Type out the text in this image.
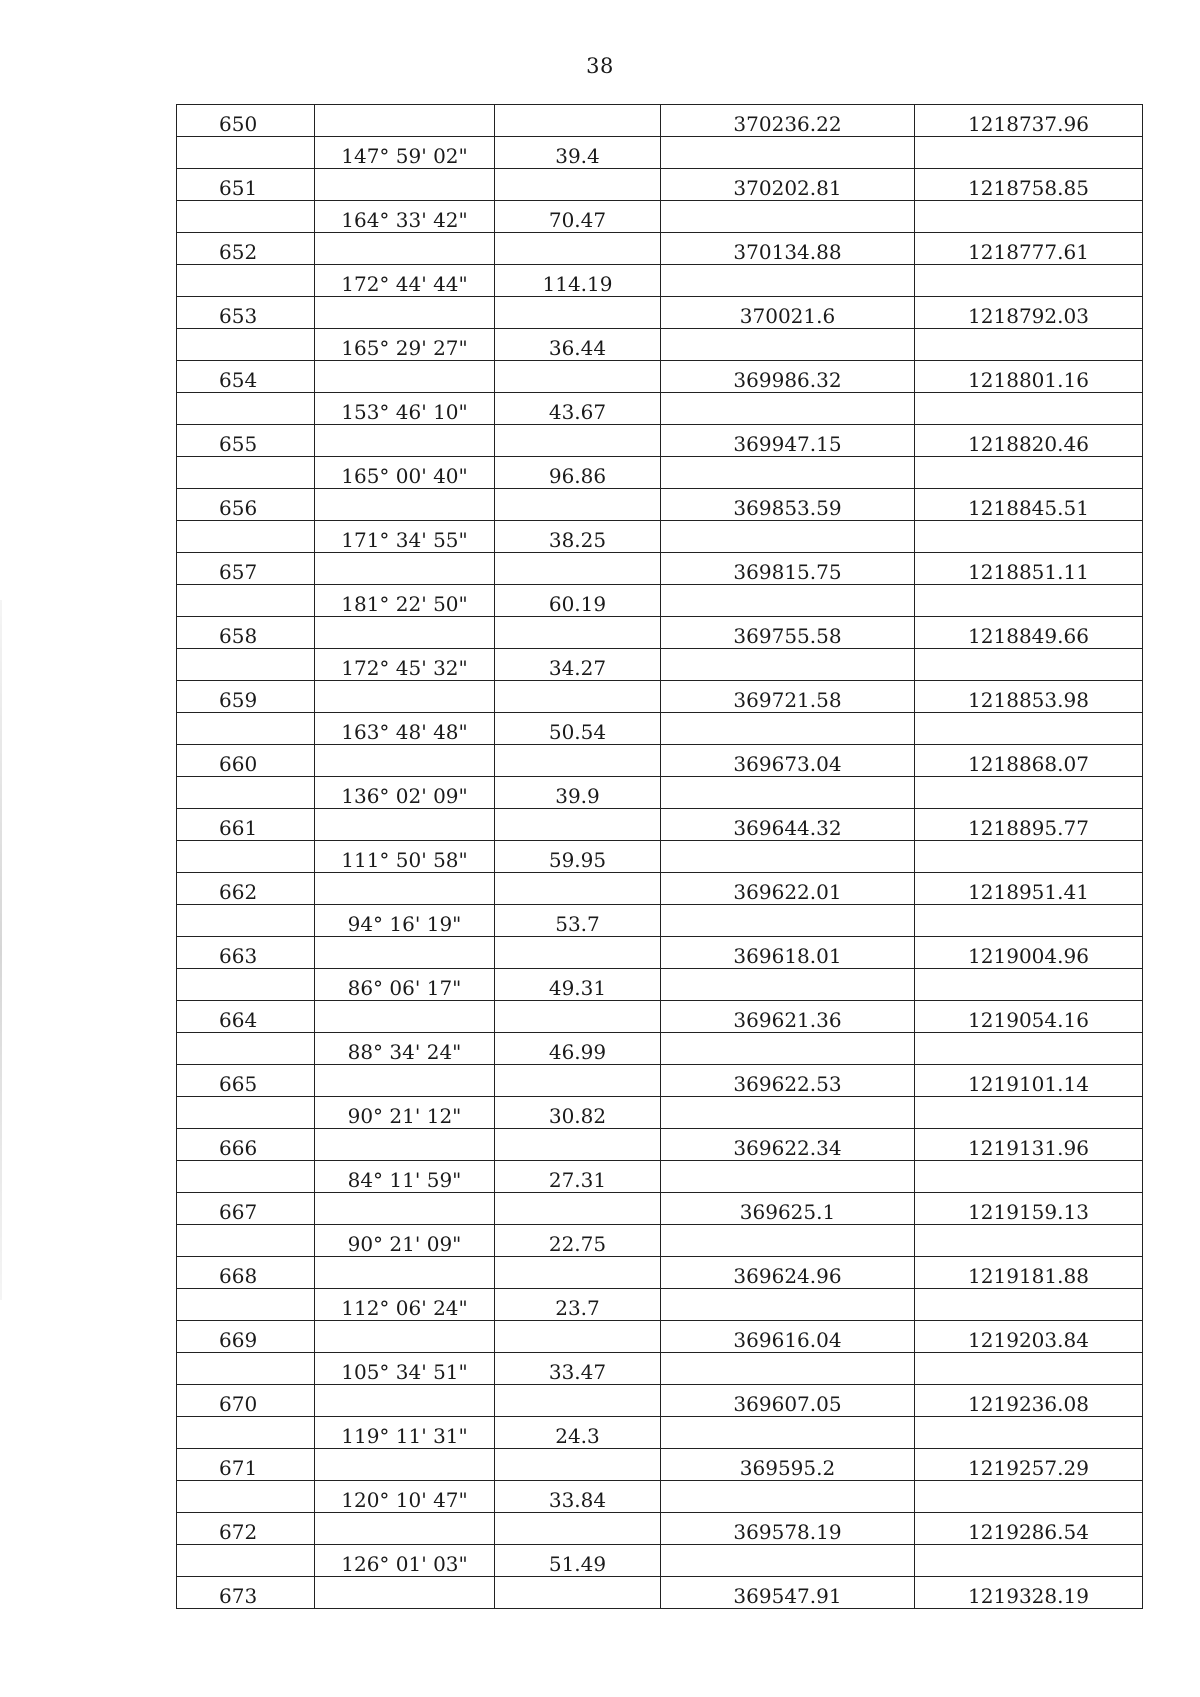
38
650			370236.22	1218737.96
	147° 59' 02"	39.4		
651			370202.81	1218758.85
	164° 33' 42"	70.47		
652			370134.88	1218777.61
	172° 44' 44"	114.19		
653			370021.6	1218792.03
	165° 29' 27"	36.44		
654			369986.32	1218801.16
	153° 46' 10"	43.67		
655			369947.15	1218820.46
	165° 00' 40"	96.86		
656			369853.59	1218845.51
	171° 34' 55"	38.25		
657			369815.75	1218851.11
	181° 22' 50"	60.19		
658			369755.58	1218849.66
	172° 45' 32"	34.27		
659			369721.58	1218853.98
	163° 48' 48"	50.54		
660			369673.04	1218868.07
	136° 02' 09"	39.9		
661			369644.32	1218895.77
	111° 50' 58"	59.95		
662			369622.01	1218951.41
	94° 16' 19"	53.7		
663			369618.01	1219004.96
	86° 06' 17"	49.31		
664			369621.36	1219054.16
	88° 34' 24"	46.99		
665			369622.53	1219101.14
	90° 21' 12"	30.82		
666			369622.34	1219131.96
	84° 11' 59"	27.31		
667			369625.1	1219159.13
	90° 21' 09"	22.75		
668			369624.96	1219181.88
	112° 06' 24"	23.7		
669			369616.04	1219203.84
	105° 34' 51"	33.47		
670			369607.05	1219236.08
	119° 11' 31"	24.3		
671			369595.2	1219257.29
	120° 10' 47"	33.84		
672			369578.19	1219286.54
	126° 01' 03"	51.49		
673			369547.91	1219328.19
